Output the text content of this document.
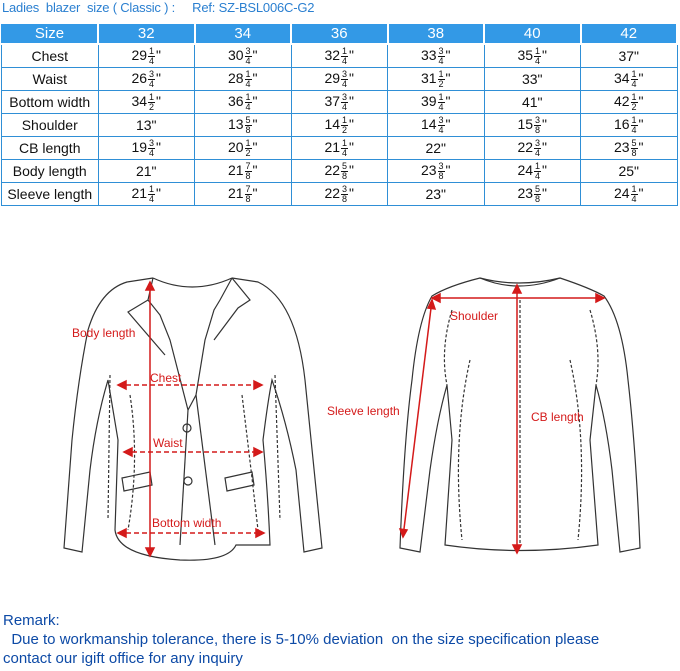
Ladies  blazer  size ( Classic ) :     Ref: SZ-BSL006C-G2
Size	32	34	36	38	40	42
Chest	$29 \frac{1}{4}$ "	$30 \frac{3}{4}$ "	$32 \frac{1}{4}$ "	$33 \frac{3}{4}$ "	$35 \frac{1}{4}$ "	37"
Waist	$26 \frac{3}{4}$ "	$28 \frac{1}{4}$ "	$29 \frac{3}{4}$ "	$31 \frac{1}{2}$ "	33"	$34 \frac{1}{4}$ "
Bottom width	$34 \frac{1}{2}$ "	$36 \frac{1}{4}$ "	$37 \frac{3}{4}$ "	$39 \frac{1}{4}$ "	41"	$42 \frac{1}{2}$ "
Shoulder	13"	$13 \frac{5}{8}$ "	$14 \frac{1}{2}$ "	$14 \frac{3}{4}$ "	$15 \frac{3}{8}$ "	$16 \frac{1}{4}$ "
CB length	$19 \frac{3}{4}$ "	$20 \frac{1}{2}$ "	$21 \frac{1}{4}$ "	22"	$22 \frac{3}{4}$ "	$23 \frac{5}{8}$ "
Body length	21"	$21 \frac{7}{8}$ "	$22 \frac{5}{8}$ "	$23 \frac{3}{8}$ "	$24 \frac{1}{4}$ "	25"
Sleeve length	$21 \frac{1}{4}$ "	$21 \frac{7}{8}$ "	$22 \frac{3}{8}$ "	23"	$23 \frac{5}{8}$ "	$24 \frac{1}{4}$ "
Body length
Chest
Waist
Bottom width
Shoulder
Sleeve length	CB length
Remark:
Due to workmanship tolerance, there is 5-10% deviation  on the size specification please
contact our igift office for any inquiry
